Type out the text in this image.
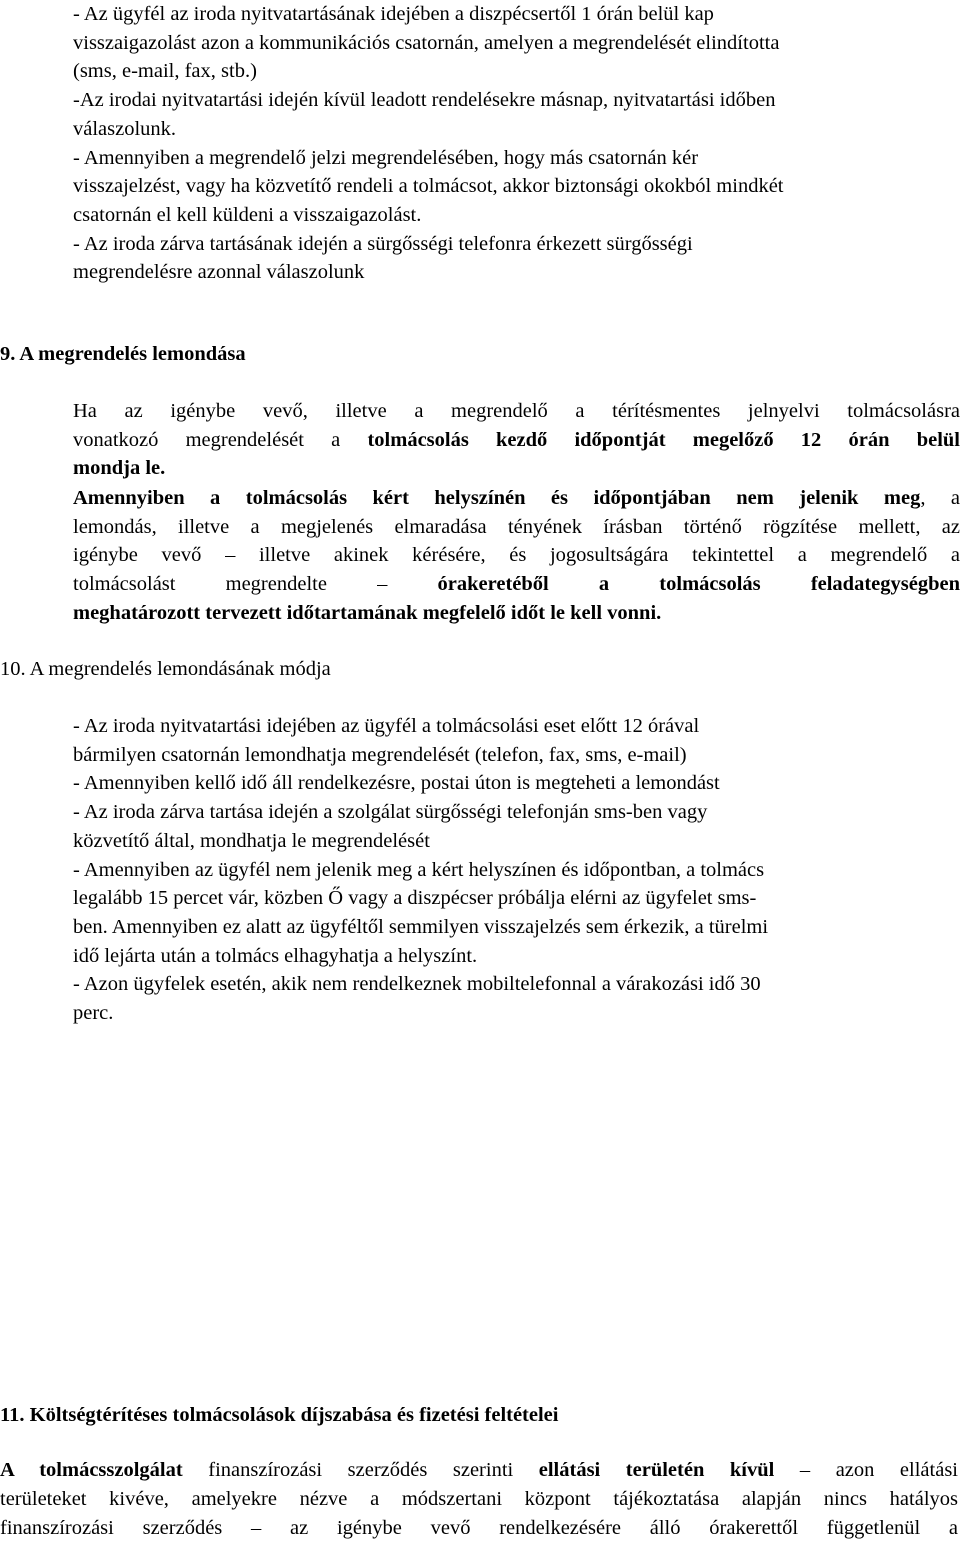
- Az ügyfél az iroda nyitvatartásának idejében a diszpécsertől 1 órán belül kap
visszaigazolást azon a kommunikációs csatornán, amelyen a megrendelését elindította
(sms, e-mail, fax, stb.)
-Az irodai nyitvatartási idején kívül leadott rendelésekre másnap, nyitvatartási időben
válaszolunk.
- Amennyiben a megrendelő jelzi megrendelésében, hogy más csatornán kér
visszajelzést, vagy ha közvetítő rendeli a tolmácsot, akkor biztonsági okokból mindkét
csatornán el kell küldeni a visszaigazolást.
- Az iroda zárva tartásának idején a sürgősségi telefonra érkezett sürgősségi
megrendelésre azonnal válaszolunk
9. A megrendelés lemondása
Ha az igénybe vevő, illetve a megrendelő a térítésmentes jelnyelvi tolmácsolásra
vonatkozó megrendelését a tolmácsolás kezdő időpontját megelőző 12 órán belül
mondja le.
Amennyiben a tolmácsolás kért helyszínén és időpontjában nem jelenik meg, a
lemondás, illetve a megjelenés elmaradása tényének írásban történő rögzítése mellett, az
igénybe vevő – illetve akinek kérésére, és jogosultságára tekintettel a megrendelő a
tolmácsolást megrendelte – órakeretéből a tolmácsolás feladategységben
meghatározott tervezett időtartamának megfelelő időt le kell vonni.
10. A megrendelés lemondásának módja
- Az iroda nyitvatartási idejében az ügyfél a tolmácsolási eset előtt 12 órával
bármilyen csatornán lemondhatja megrendelését (telefon, fax, sms, e-mail)
- Amennyiben kellő idő áll rendelkezésre, postai úton is megteheti a lemondást
- Az iroda zárva tartása idején a szolgálat sürgősségi telefonján sms-ben vagy
közvetítő által, mondhatja le megrendelését
- Amennyiben az ügyfél nem jelenik meg a kért helyszínen és időpontban, a tolmács
legalább 15 percet vár, közben Ő vagy a diszpécser próbálja elérni az ügyfelet sms-
ben. Amennyiben ez alatt az ügyféltől semmilyen visszajelzés sem érkezik, a türelmi
idő lejárta után a tolmács elhagyhatja a helyszínt.
- Azon ügyfelek esetén, akik nem rendelkeznek mobiltelefonnal a várakozási idő 30
perc.
11. Költségtérítéses tolmácsolások díjszabása és fizetési feltételei
A tolmácsszolgálat finanszírozási szerződés szerinti ellátási területén kívül – azon ellátási
területeket kivéve, amelyekre nézve a módszertani központ tájékoztatása alapján nincs hatályos
finanszírozási szerződés – az igénybe vevő rendelkezésére álló órakerettől függetlenül a
